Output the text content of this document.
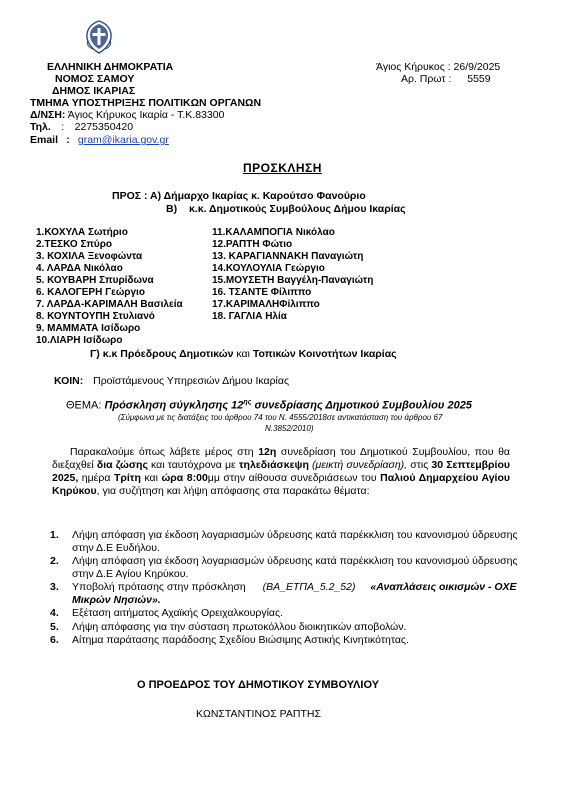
ΕΛΛΗΝΙΚΗ ΔΗΜΟΚΡΑΤΙΑ
ΝΟΜΟΣ ΣΑΜΟΥ
ΔΗΜΟΣ ΙΚΑΡΙΑΣ
ΤΜΗΜΑ ΥΠΟΣΤΗΡΙΞΗΣ ΠΟΛΙΤΙΚΩΝ ΟΡΓΑΝΩΝ
Δ/ΝΣΗ: Άγιος Κήρυκος Ικαρία - Τ.Κ.83300
Τηλ. : 2275350420
Email : gram@ikaria.gov.gr
Άγιος Κήρυκος : 26/9/2025
Αρ. Πρωτ : 5559
ΠΡΟΣΚΛΗΣΗ
ΠΡΟΣ : Α) Δήμαρχο Ικαρίας κ. Καρούτσο Φανούριο
Β) κ.κ. Δημοτικούς Συμβούλους Δήμου Ικαρίας
1.ΚΟΧΥΛΑ Σωτήριο
2.ΤΕΣΚΟ Σπύρο
3. ΚΟΧΙΛΑ Ξενοφώντα
4. ΛΑΡΔΑ Νικόλαο
5. ΚΟΥΒΑΡΗ Σπυρίδωνα
6. ΚΑΛΟΓΕΡΗ Γεώργιο
7. ΛΑΡΔΑ-ΚΑΡΙΜΑΛΗ Βασιλεία
8. ΚΟΥΝΤΟΥΠΗ Στυλιανό
9. ΜΑΜΜΑΤΑ Ισίδωρο
10.ΛΙΑΡΗ Ισίδωρο
11.ΚΑΛΑΜΠΟΓΙΑ Νικόλαο
12.ΡΑΠΤΗ Φώτιο
13. ΚΑΡΑΓΙΑΝΝΑΚΗ Παναγιώτη
14.ΚΟΥΛΟΥΛΙΑ Γεώργιο
15.ΜΟΥΣΕΤΗ Βαγγέλη-Παναγιώτη
16. ΤΣΑΝΤΕ Φίλιππο
17.ΚΑΡΙΜΑΛΗΦίλιππο
18. ΓΑΓΛΙΑ Ηλία
Γ) κ.κ Πρόεδρους Δημοτικών και Τοπικών Κοινοτήτων Ικαρίας
ΚΟΙΝ: Προϊστάμενους Υπηρεσιών Δήμου Ικαρίας
ΘΕΜΑ: Πρόσκληση σύγκλησης $12^{\eta\varsigma}$ συνεδρίασης Δημοτικού Συμβουλίου 2025
(Σύμφωνα με τις διατάξεις του άρθρου 74 του Ν. 4555/2018σε αντικατάσταση του άρθρου 67
Ν.3852/2010)
Παρακαλούμε όπως λάβετε μέρος στη 12η συνεδρίαση του Δημοτικού Συμβουλίου, που θα διεξαχθεί δια ζώσης και ταυτόχρονα με τηλεδιάσκεψη (μεικτή συνεδρίαση), στις 30 Σεπτεμβρίου 2025, ημέρα Τρίτη και ώρα 8:00μμ στην αίθουσα συνεδριάσεων του Παλιού Δημαρχείου Αγίου Κηρύκου, για συζήτηση και λήψη απόφασης στα παρακάτω θέματα:
1. Λήψη απόφαση για έκδοση λογαριασμών ύδρευσης κατά παρέκκλιση του κανονισμού ύδρευσης στην Δ.Ε Ευδήλου.
2. Λήψη απόφαση για έκδοση λογαριασμών ύδρευσης κατά παρέκκλιση του κανονισμού ύδρευσης στην Δ.Ε Αγίου Κηρύκου.
3. Υποβολή πρότασης στην πρόσκληση (ΒΑ_ΕΤΠΑ_5.2_52) «Αναπλάσεις οικισμών - ΟΧΕ Μικρών Νησιών».
4. Εξέταση αιτήματος Αχαϊκής Ορειχαλκουργίας.
5. Λήψη απόφασης για την σύσταση πρωτοκόλλου διοικητικών αποβολών.
6. Αίτημα παράτασης παράδοσης Σχεδίου Βιώσιμης Αστικής Κινητικότητας.
Ο ΠΡΟΕΔΡΟΣ ΤΟΥ ΔΗΜΟΤΙΚΟΥ ΣΥΜΒΟΥΛΙΟΥ
ΚΩΝΣΤΑΝΤΙΝΟΣ ΡΑΠΤΗΣ
